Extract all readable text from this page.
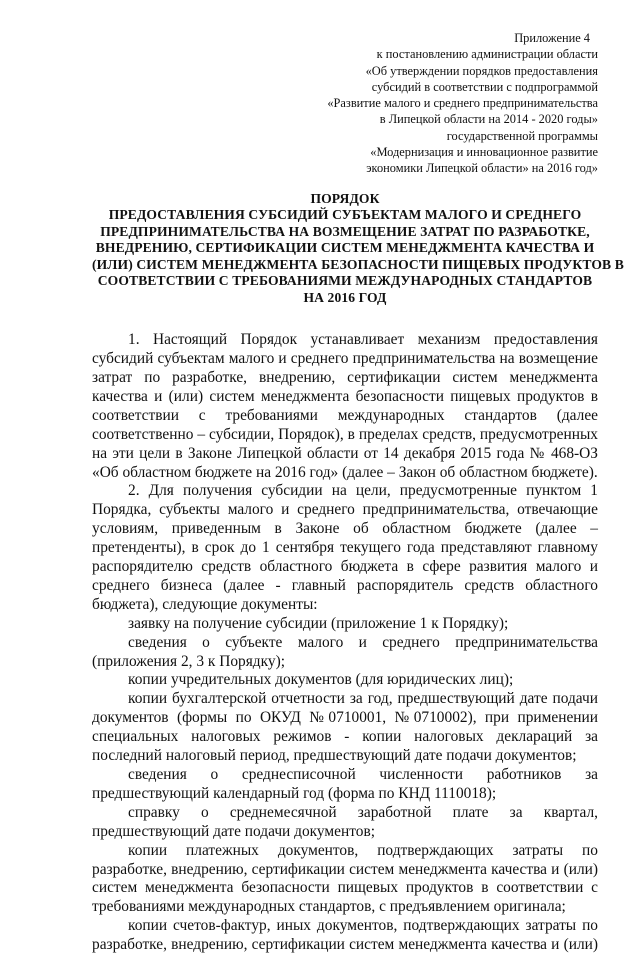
Приложение 4
к постановлению администрации области
«Об утверждении порядков предоставления
субсидий в соответствии с подпрограммой
«Развитие малого и среднего предпринимательства
в Липецкой области на 2014 - 2020 годы»
государственной программы
«Модернизация и инновационное развитие
экономики Липецкой области» на 2016 год»
ПОРЯДОК
ПРЕДОСТАВЛЕНИЯ СУБСИДИЙ СУБЪЕКТАМ МАЛОГО И СРЕДНЕГО
ПРЕДПРИНИМАТЕЛЬСТВА НА ВОЗМЕЩЕНИЕ ЗАТРАТ ПО РАЗРАБОТКЕ,
ВНЕДРЕНИЮ, СЕРТИФИКАЦИИ СИСТЕМ МЕНЕДЖМЕНТА КАЧЕСТВА И
(ИЛИ) СИСТЕМ МЕНЕДЖМЕНТА БЕЗОПАСНОСТИ ПИЩЕВЫХ ПРОДУКТОВ В
СООТВЕТСТВИИ С ТРЕБОВАНИЯМИ МЕЖДУНАРОДНЫХ СТАНДАРТОВ
НА 2016 ГОД

1. Настоящий Порядок устанавливает механизм предоставления субсидий субъектам малого и среднего предпринимательства на возмещение затрат по разработке, внедрению, сертификации систем менеджмента качества и (или) систем менеджмента безопасности пищевых продуктов в соответствии с требованиями международных стандартов (далее соответственно – субсидии, Порядок), в пределах средств, предусмотренных на эти цели в Законе Липецкой области от 14 декабря 2015 года № 468-ОЗ «Об областном бюджете на 2016 год» (далее – Закон об областном бюджете).

2. Для получения субсидии на цели, предусмотренные пунктом 1 Порядка, субъекты малого и среднего предпринимательства, отвечающие условиям, приведенным в Законе об областном бюджете (далее – претенденты), в срок до 1 сентября текущего года представляют главному распорядителю средств областного бюджета в сфере развития малого и среднего бизнеса (далее - главный распорядитель средств областного бюджета), следующие документы:

заявку на получение субсидии (приложение 1 к Порядку);

сведения о субъекте малого и среднего предпринимательства (приложения 2, 3 к Порядку);

копии учредительных документов (для юридических лиц);

копии бухгалтерской отчетности за год, предшествующий дате подачи документов (формы по ОКУД №0710001, №0710002), при применении специальных налоговых режимов - копии налоговых деклараций за последний налоговый период, предшествующий дате подачи документов;

сведения о среднесписочной численности работников за предшествующий календарный год (форма по КНД 1110018);

справку о среднемесячной заработной плате за квартал, предшествующий дате подачи документов;

копии платежных документов, подтверждающих затраты по разработке, внедрению, сертификации систем менеджмента качества и (или) систем менеджмента безопасности пищевых продуктов в соответствии с требованиями международных стандартов, с предъявлением оригинала;

копии счетов-фактур, иных документов, подтверждающих затраты по разработке, внедрению, сертификации систем менеджмента качества и (или)
